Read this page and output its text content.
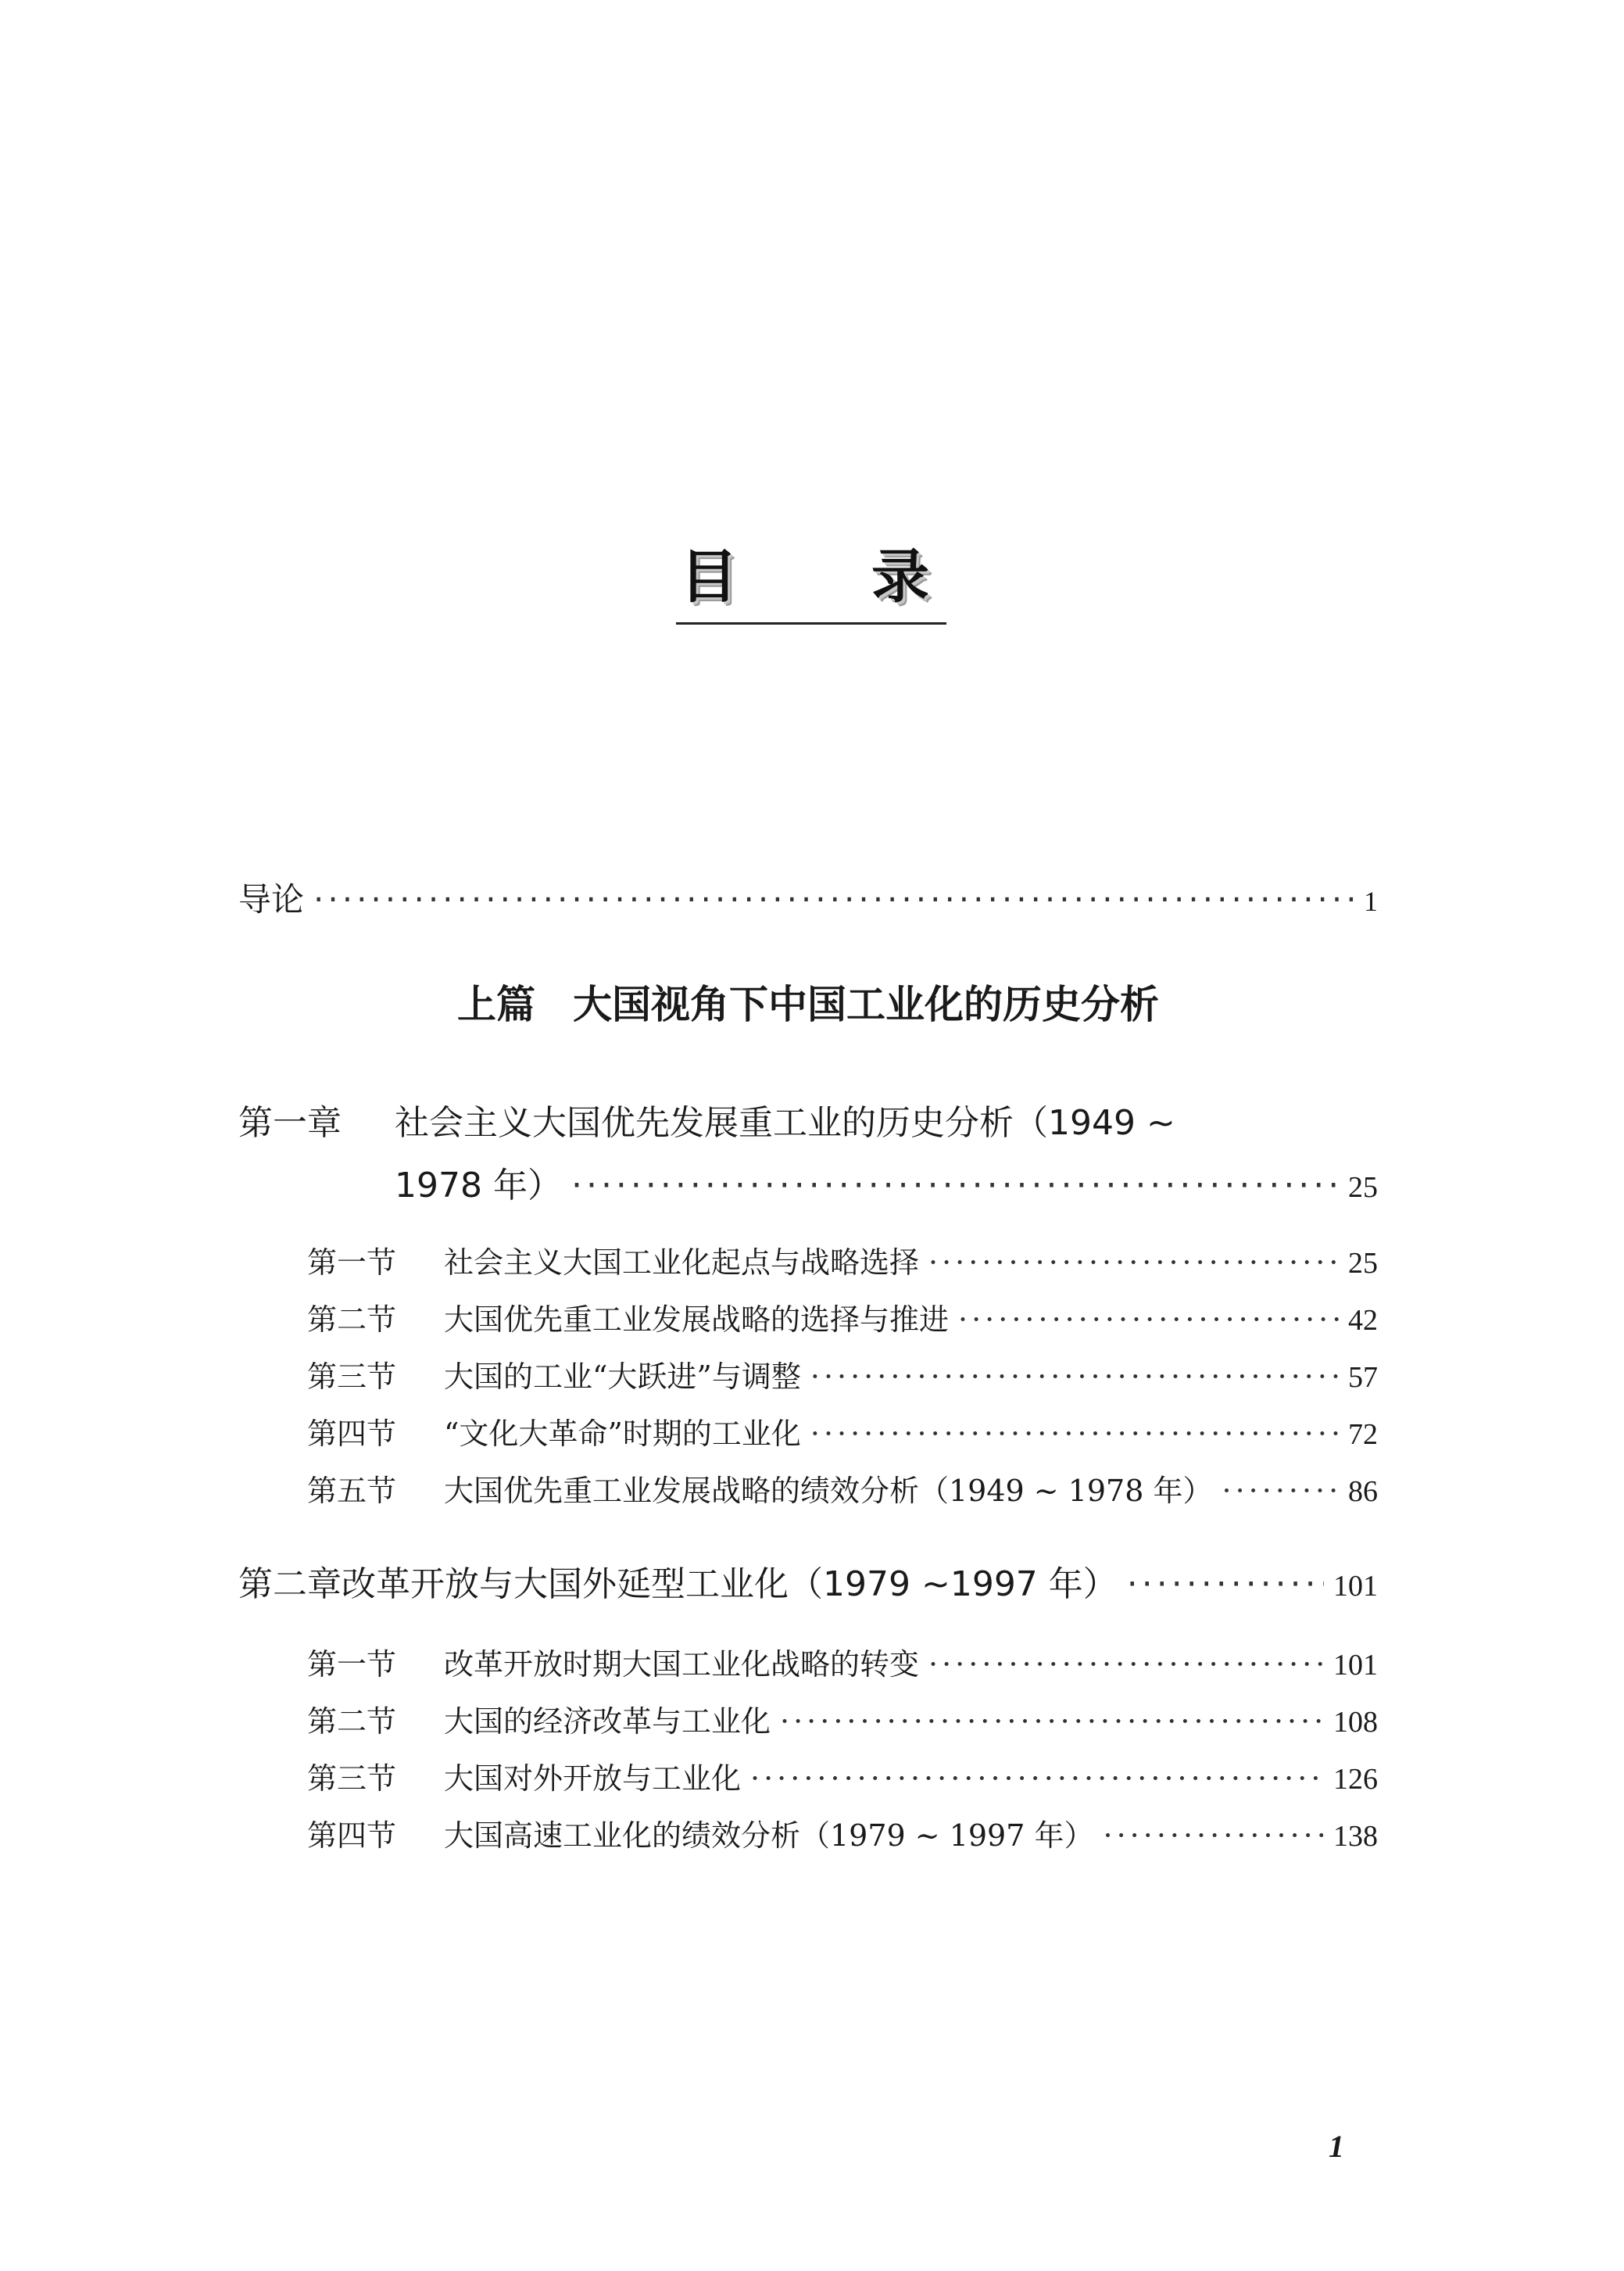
目 录
导论 ·····	1
上篇 大国视角下中国工业化的历史分析
第一章 社会主义大国优先发展重工业的历史分析（1949 ~
1978 年） ·····	25
第一节	社会主义大国工业化起点与战略选择 ·····	25
第二节	大国优先重工业发展战略的选择与推进 ·····	42
第三节	大国的工业“大跃进”与调整 ·····	57
第四节	“文化大革命”时期的工业化 ·····	72
第五节	大国优先重工业发展战略的绩效分析（1949 ~ 1978 年） ·····	86
第二章 改革开放与大国外延型工业化（1979 ~1997 年） ·····	101
第一节	改革开放时期大国工业化战略的转变 ·····	101
第二节	大国的经济改革与工业化 ·····	108
第三节	大国对外开放与工业化 ·····	126
第四节	大国高速工业化的绩效分析（1979 ~ 1997 年） ·····	138
1
